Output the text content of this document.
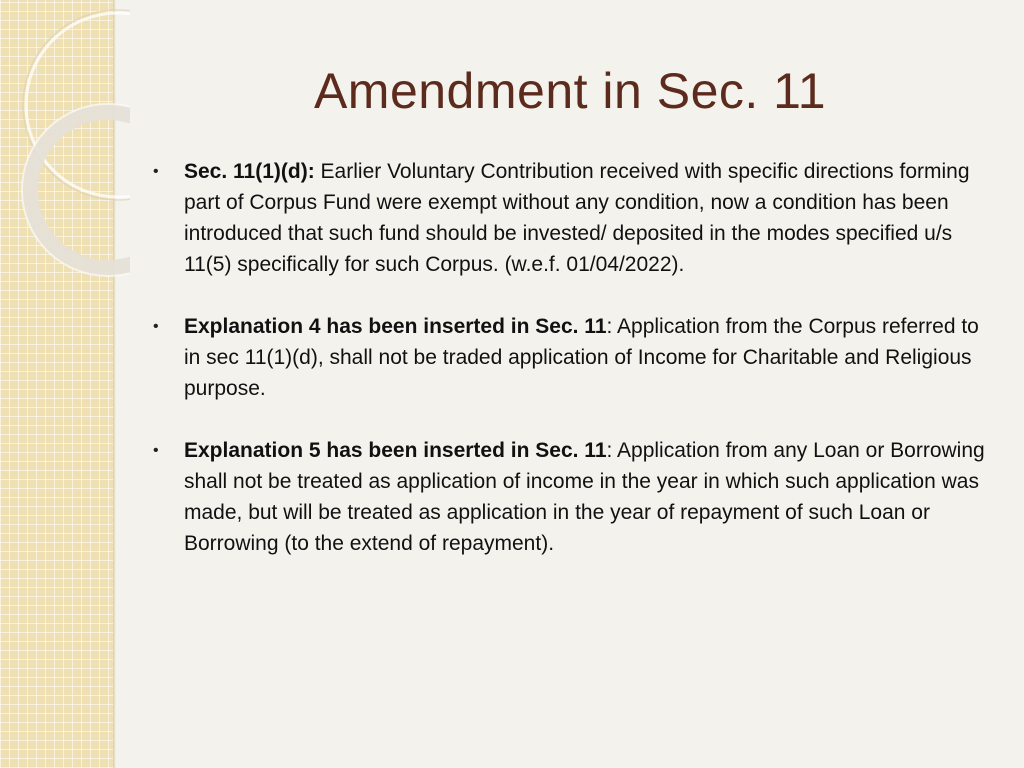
Amendment in Sec. 11
• Sec. 11(1)(d): Earlier Voluntary Contribution received with specific directions forming part of Corpus Fund were exempt without any condition, now a condition has been introduced that such fund should be invested/ deposited in the modes specified u/s 11(5) specifically for such Corpus. (w.e.f. 01/04/2022).
• Explanation 4 has been inserted in Sec. 11: Application from the Corpus referred to in sec 11(1)(d), shall not be traded application of Income for Charitable and Religious purpose.
• Explanation 5 has been inserted in Sec. 11: Application from any Loan or Borrowing shall not be treated as application of income in the year in which such application was made, but will be treated as application in the year of repayment of such Loan or Borrowing (to the extend of repayment).
